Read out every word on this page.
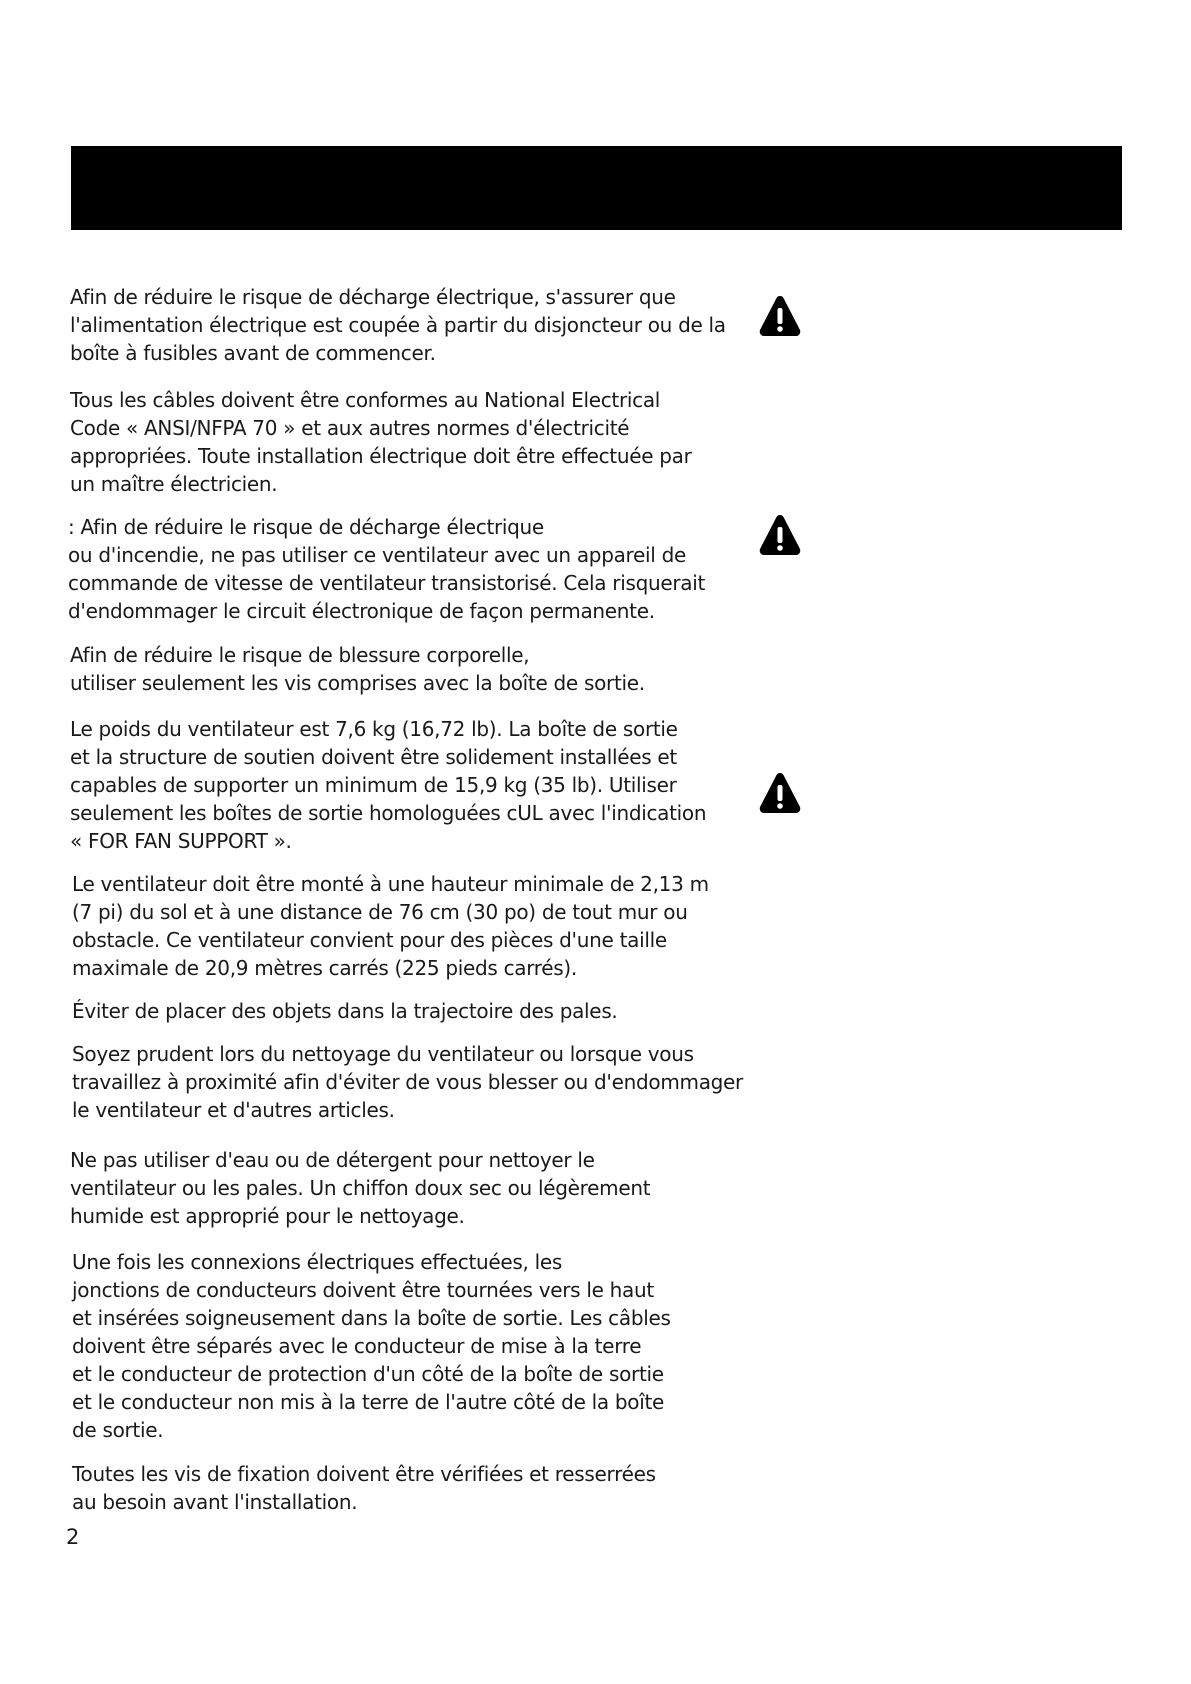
Afin de réduire le risque de décharge électrique, s'assurer que
l'alimentation électrique est coupée à partir du disjoncteur ou de la
boîte à fusibles avant de commencer.

Tous les câbles doivent être conformes au National Electrical
Code « ANSI/NFPA 70 » et aux autres normes d'électricité
appropriées. Toute installation électrique doit être effectuée par
un maître électricien.

: Afin de réduire le risque de décharge électrique
ou d'incendie, ne pas utiliser ce ventilateur avec un appareil de
commande de vitesse de ventilateur transistorisé. Cela risquerait
d'endommager le circuit électronique de façon permanente.

Afin de réduire le risque de blessure corporelle,
utiliser seulement les vis comprises avec la boîte de sortie.

Le poids du ventilateur est 7,6 kg (16,72 lb). La boîte de sortie
et la structure de soutien doivent être solidement installées et
capables de supporter un minimum de 15,9 kg (35 lb). Utiliser
seulement les boîtes de sortie homologuées cUL avec l'indication
« FOR FAN SUPPORT ».

Le ventilateur doit être monté à une hauteur minimale de 2,13 m
(7 pi) du sol et à une distance de 76 cm (30 po) de tout mur ou
obstacle. Ce ventilateur convient pour des pièces d'une taille
maximale de 20,9 mètres carrés (225 pieds carrés).

Éviter de placer des objets dans la trajectoire des pales.

Soyez prudent lors du nettoyage du ventilateur ou lorsque vous
travaillez à proximité afin d'éviter de vous blesser ou d'endommager
le ventilateur et d'autres articles.

Ne pas utiliser d'eau ou de détergent pour nettoyer le
ventilateur ou les pales. Un chiffon doux sec ou légèrement
humide est approprié pour le nettoyage.

Une fois les connexions électriques effectuées, les
jonctions de conducteurs doivent être tournées vers le haut
et insérées soigneusement dans la boîte de sortie. Les câbles
doivent être séparés avec le conducteur de mise à la terre
et le conducteur de protection d'un côté de la boîte de sortie
et le conducteur non mis à la terre de l'autre côté de la boîte
de sortie.

Toutes les vis de fixation doivent être vérifiées et resserrées
au besoin avant l'installation.

2
